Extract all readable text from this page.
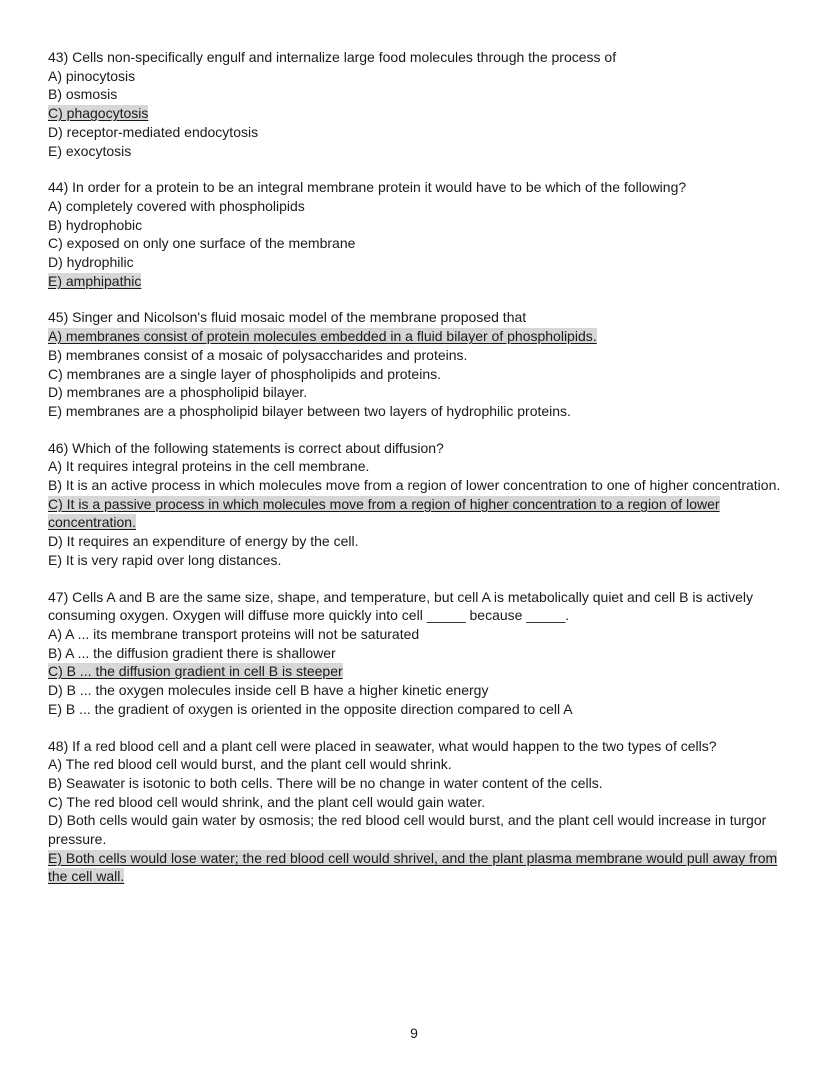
43) Cells non-specifically engulf and internalize large food molecules through the process of

A) pinocytosis

B) osmosis

C) phagocytosis

D) receptor-mediated endocytosis

E) exocytosis

44) In order for a protein to be an integral membrane protein it would have to be which of the following?

A) completely covered with phospholipids

B) hydrophobic

C) exposed on only one surface of the membrane

D) hydrophilic

E) amphipathic

45) Singer and Nicolson's fluid mosaic model of the membrane proposed that

A) membranes consist of protein molecules embedded in a fluid bilayer of phospholipids.

B) membranes consist of a mosaic of polysaccharides and proteins.

C) membranes are a single layer of phospholipids and proteins.

D) membranes are a phospholipid bilayer.

E) membranes are a phospholipid bilayer between two layers of hydrophilic proteins.

46) Which of the following statements is correct about diffusion?

A) It requires integral proteins in the cell membrane.

B) It is an active process in which molecules move from a region of lower concentration to one of higher concentration.

C) It is a passive process in which molecules move from a region of higher concentration to a region of lower concentration.

D) It requires an expenditure of energy by the cell.

E) It is very rapid over long distances.

47) Cells A and B are the same size, shape, and temperature, but cell A is metabolically quiet and cell B is actively consuming oxygen. Oxygen will diffuse more quickly into cell _____ because _____.

A) A ... its membrane transport proteins will not be saturated

B) A ... the diffusion gradient there is shallower

C) B ... the diffusion gradient in cell B is steeper

D) B ... the oxygen molecules inside cell B have a higher kinetic energy

E) B ... the gradient of oxygen is oriented in the opposite direction compared to cell A

48) If a red blood cell and a plant cell were placed in seawater, what would happen to the two types of cells?

A) The red blood cell would burst, and the plant cell would shrink.

B) Seawater is isotonic to both cells. There will be no change in water content of the cells.

C) The red blood cell would shrink, and the plant cell would gain water.

D) Both cells would gain water by osmosis; the red blood cell would burst, and the plant cell would increase in turgor pressure.

E) Both cells would lose water; the red blood cell would shrivel, and the plant plasma membrane would pull away from the cell wall.

9
